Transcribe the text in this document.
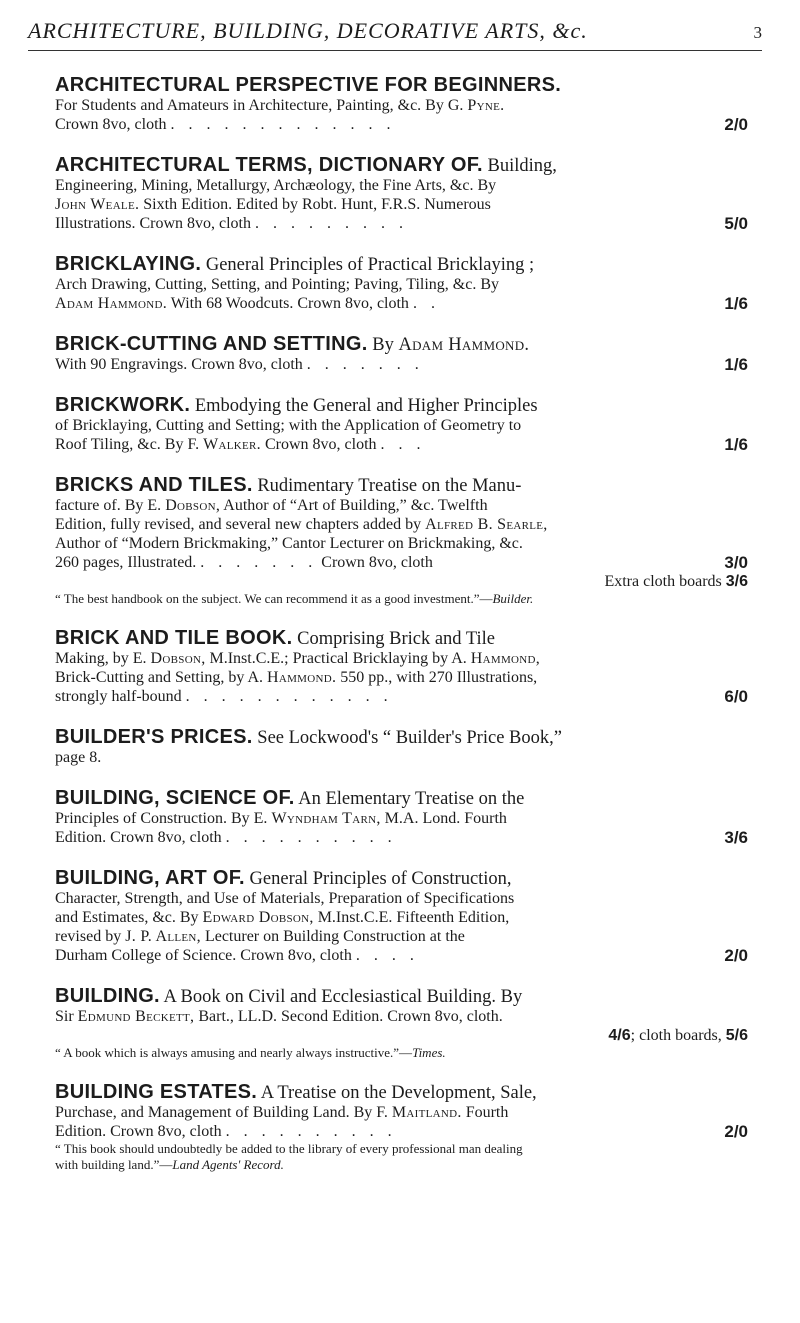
ARCHITECTURE, BUILDING, DECORATIVE ARTS, &c.	3
ARCHITECTURAL PERSPECTIVE FOR BEGINNERS.
For Students and Amateurs in Architecture, Painting, &c. By G. Pyne.
Crown 8vo, cloth . . . . . . . . . . . . .	2/0
ARCHITECTURAL TERMS, DICTIONARY OF. Building,
Engineering, Mining, Metallurgy, Archæology, the Fine Arts, &c. By
John Weale. Sixth Edition. Edited by Robt. Hunt, F.R.S. Numerous
Illustrations. Crown 8vo, cloth . . . . . . . . .	5/0
BRICKLAYING. General Principles of Practical Bricklaying ;
Arch Drawing, Cutting, Setting, and Pointing; Paving, Tiling, &c. By
Adam Hammond. With 68 Woodcuts. Crown 8vo, cloth . .	1/6
BRICK-CUTTING AND SETTING. By Adam Hammond.
With 90 Engravings. Crown 8vo, cloth . . . . . . .	1/6
BRICKWORK. Embodying the General and Higher Principles
of Bricklaying, Cutting and Setting; with the Application of Geometry to
Roof Tiling, &c. By F. Walker. Crown 8vo, cloth . . .	1/6
BRICKS AND TILES. Rudimentary Treatise on the Manu-
facture of. By E. Dobson, Author of “Art of Building,” &c. Twelfth
Edition, fully revised, and several new chapters added by Alfred B. Searle,
Author of “Modern Brickmaking,” Cantor Lecturer on Brickmaking, &c.
260 pages, Illustrated. . . . . . . . Crown 8vo, cloth	3/0
Extra cloth boards 3/6
“ The best handbook on the subject. We can recommend it as a good investment.”—Builder.
BRICK AND TILE BOOK. Comprising Brick and Tile
Making, by E. Dobson, M.Inst.C.E.; Practical Bricklaying by A. Hammond,
Brick-Cutting and Setting, by A. Hammond. 550 pp., with 270 Illustrations,
strongly half-bound . . . . . . . . . . . .	6/0
BUILDER'S PRICES. See Lockwood's “ Builder's Price Book,”
page 8.
BUILDING, SCIENCE OF. An Elementary Treatise on the
Principles of Construction. By E. Wyndham Tarn, M.A. Lond. Fourth
Edition. Crown 8vo, cloth . . . . . . . . . .	3/6
BUILDING, ART OF. General Principles of Construction,
Character, Strength, and Use of Materials, Preparation of Specifications
and Estimates, &c. By Edward Dobson, M.Inst.C.E. Fifteenth Edition,
revised by J. P. Allen, Lecturer on Building Construction at the
Durham College of Science. Crown 8vo, cloth . . . .	2/0
BUILDING. A Book on Civil and Ecclesiastical Building. By
Sir Edmund Beckett, Bart., LL.D. Second Edition. Crown 8vo, cloth.
4/6; cloth boards, 5/6
“ A book which is always amusing and nearly always instructive.”—Times.
BUILDING ESTATES. A Treatise on the Development, Sale,
Purchase, and Management of Building Land. By F. Maitland. Fourth
Edition. Crown 8vo, cloth . . . . . . . . . .	2/0
“ This book should undoubtedly be added to the library of every professional man dealing
with building land.”—Land Agents' Record.
